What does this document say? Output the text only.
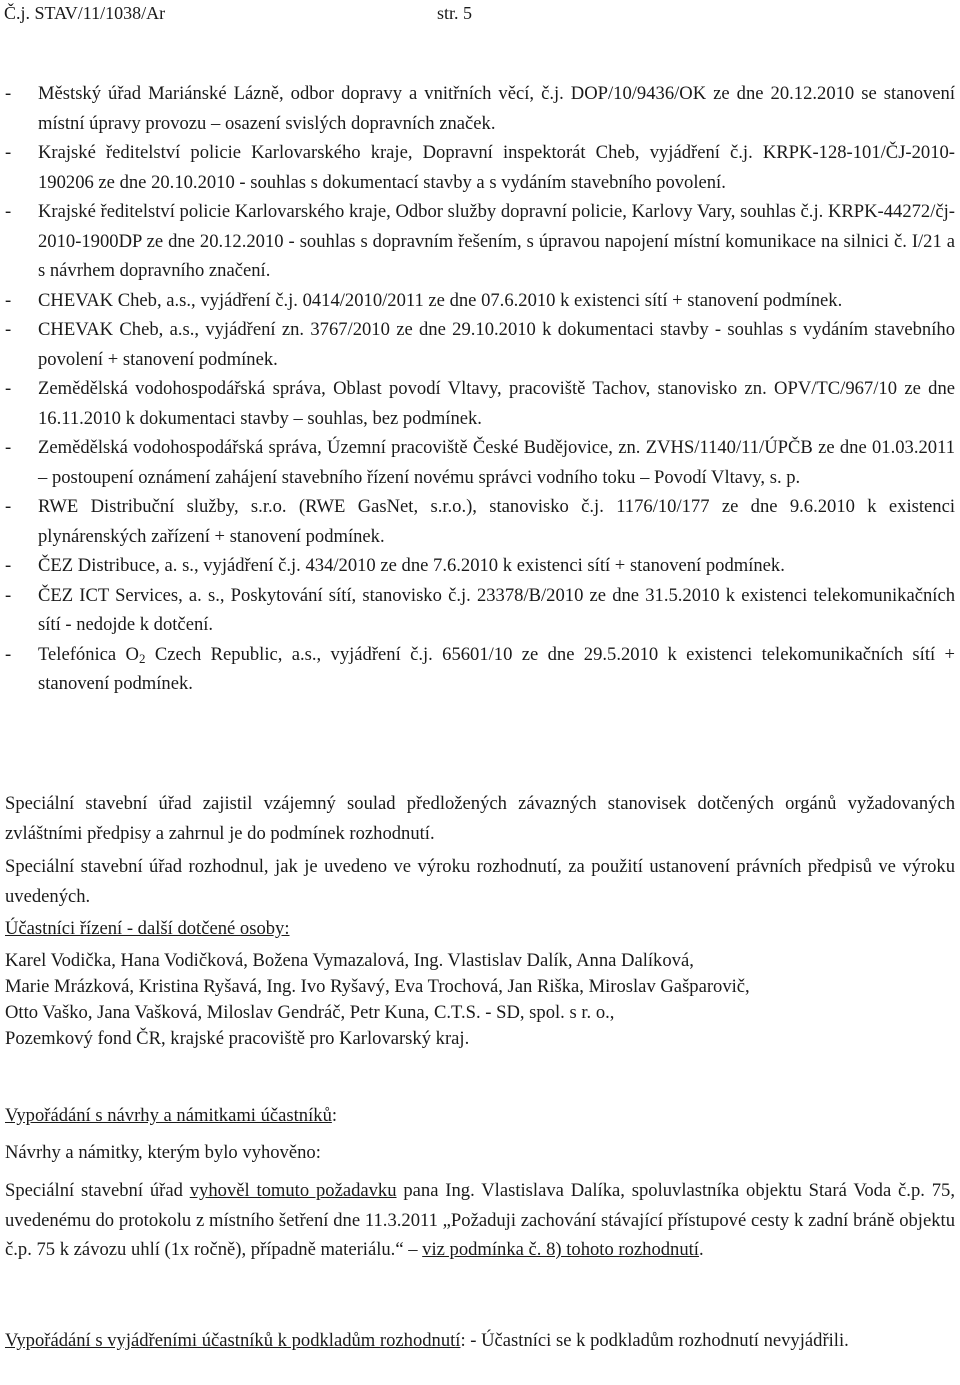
Č.j. STAV/11/1038/Ar	str. 5
- Městský úřad Mariánské Lázně, odbor dopravy a vnitřních věcí, č.j. DOP/10/9436/OK ze dne 20.12.2010 se stanovení místní úpravy provozu – osazení svislých dopravních značek.
- Krajské ředitelství policie Karlovarského kraje, Dopravní inspektorát Cheb, vyjádření č.j. KRPK-128-101/ČJ-2010-190206 ze dne 20.10.2010 - souhlas s dokumentací stavby a s vydáním stavebního povolení.
- Krajské ředitelství policie Karlovarského kraje, Odbor služby dopravní policie, Karlovy Vary, souhlas č.j. KRPK-44272/čj-2010-1900DP ze dne 20.12.2010 - souhlas s dopravním řešením, s úpravou napojení místní komunikace na silnici č. I/21 a s návrhem dopravního značení.
- CHEVAK Cheb, a.s., vyjádření č.j. 0414/2010/2011 ze dne 07.6.2010 k existenci sítí + stanovení podmínek.
- CHEVAK Cheb, a.s., vyjádření zn. 3767/2010 ze dne 29.10.2010 k dokumentaci stavby - souhlas s vydáním stavebního povolení + stanovení podmínek.
- Zemědělská vodohospodářská správa, Oblast povodí Vltavy, pracoviště Tachov, stanovisko zn. OPV/TC/967/10 ze dne 16.11.2010 k dokumentaci stavby – souhlas, bez podmínek.
- Zemědělská vodohospodářská správa, Územní pracoviště České Budějovice, zn. ZVHS/1140/11/ÚPČB ze dne 01.03.2011 – postoupení oznámení zahájení stavebního řízení novému správci vodního toku – Povodí Vltavy, s. p.
- RWE Distribuční služby, s.r.o. (RWE GasNet, s.r.o.), stanovisko č.j. 1176/10/177 ze dne 9.6.2010 k existenci plynárenských zařízení + stanovení podmínek.
- ČEZ Distribuce, a. s., vyjádření č.j. 434/2010 ze dne 7.6.2010 k existenci sítí + stanovení podmínek.
- ČEZ ICT Services, a. s., Poskytování sítí, stanovisko č.j. 23378/B/2010 ze dne 31.5.2010 k existenci telekomunikačních sítí - nedojde k dotčení.
- Telefónica $O_2$ Czech Republic, a.s., vyjádření č.j. 65601/10 ze dne 29.5.2010 k existenci telekomunikačních sítí + stanovení podmínek.

Speciální stavební úřad zajistil vzájemný soulad předložených závazných stanovisek dotčených orgánů vyžadovaných zvláštními předpisy a zahrnul je do podmínek rozhodnutí.

Speciální stavební úřad rozhodnul, jak je uvedeno ve výroku rozhodnutí, za použití ustanovení právních předpisů ve výroku uvedených.

Účastníci řízení - další dotčené osoby:

Karel Vodička, Hana Vodičková, Božena Vymazalová, Ing. Vlastislav Dalík, Anna Dalíková,

Marie Mrázková, Kristina Ryšavá, Ing. Ivo Ryšavý, Eva Trochová, Jan Riška, Miroslav Gašparovič,

Otto Vaško, Jana Vašková, Miloslav Gendráč, Petr Kuna, C.T.S. - SD, spol. s r. o.,

Pozemkový fond ČR, krajské pracoviště pro Karlovarský kraj.

Vypořádání s návrhy a námitkami účastníků:

Návrhy a námitky, kterým bylo vyhověno:

Speciální stavební úřad vyhověl tomuto požadavku pana Ing. Vlastislava Dalíka, spoluvlastníka objektu Stará Voda č.p. 75, uvedenému do protokolu z místního šetření dne 11.3.2011 „Požaduji zachování stávající přístupové cesty k zadní bráně objektu č.p. 75 k závozu uhlí (1x ročně), případně materiálu.“ – viz podmínka č. 8) tohoto rozhodnutí.

Vypořádání s vyjádřeními účastníků k podkladům rozhodnutí: - Účastníci se k podkladům rozhodnutí nevyjádřili.
